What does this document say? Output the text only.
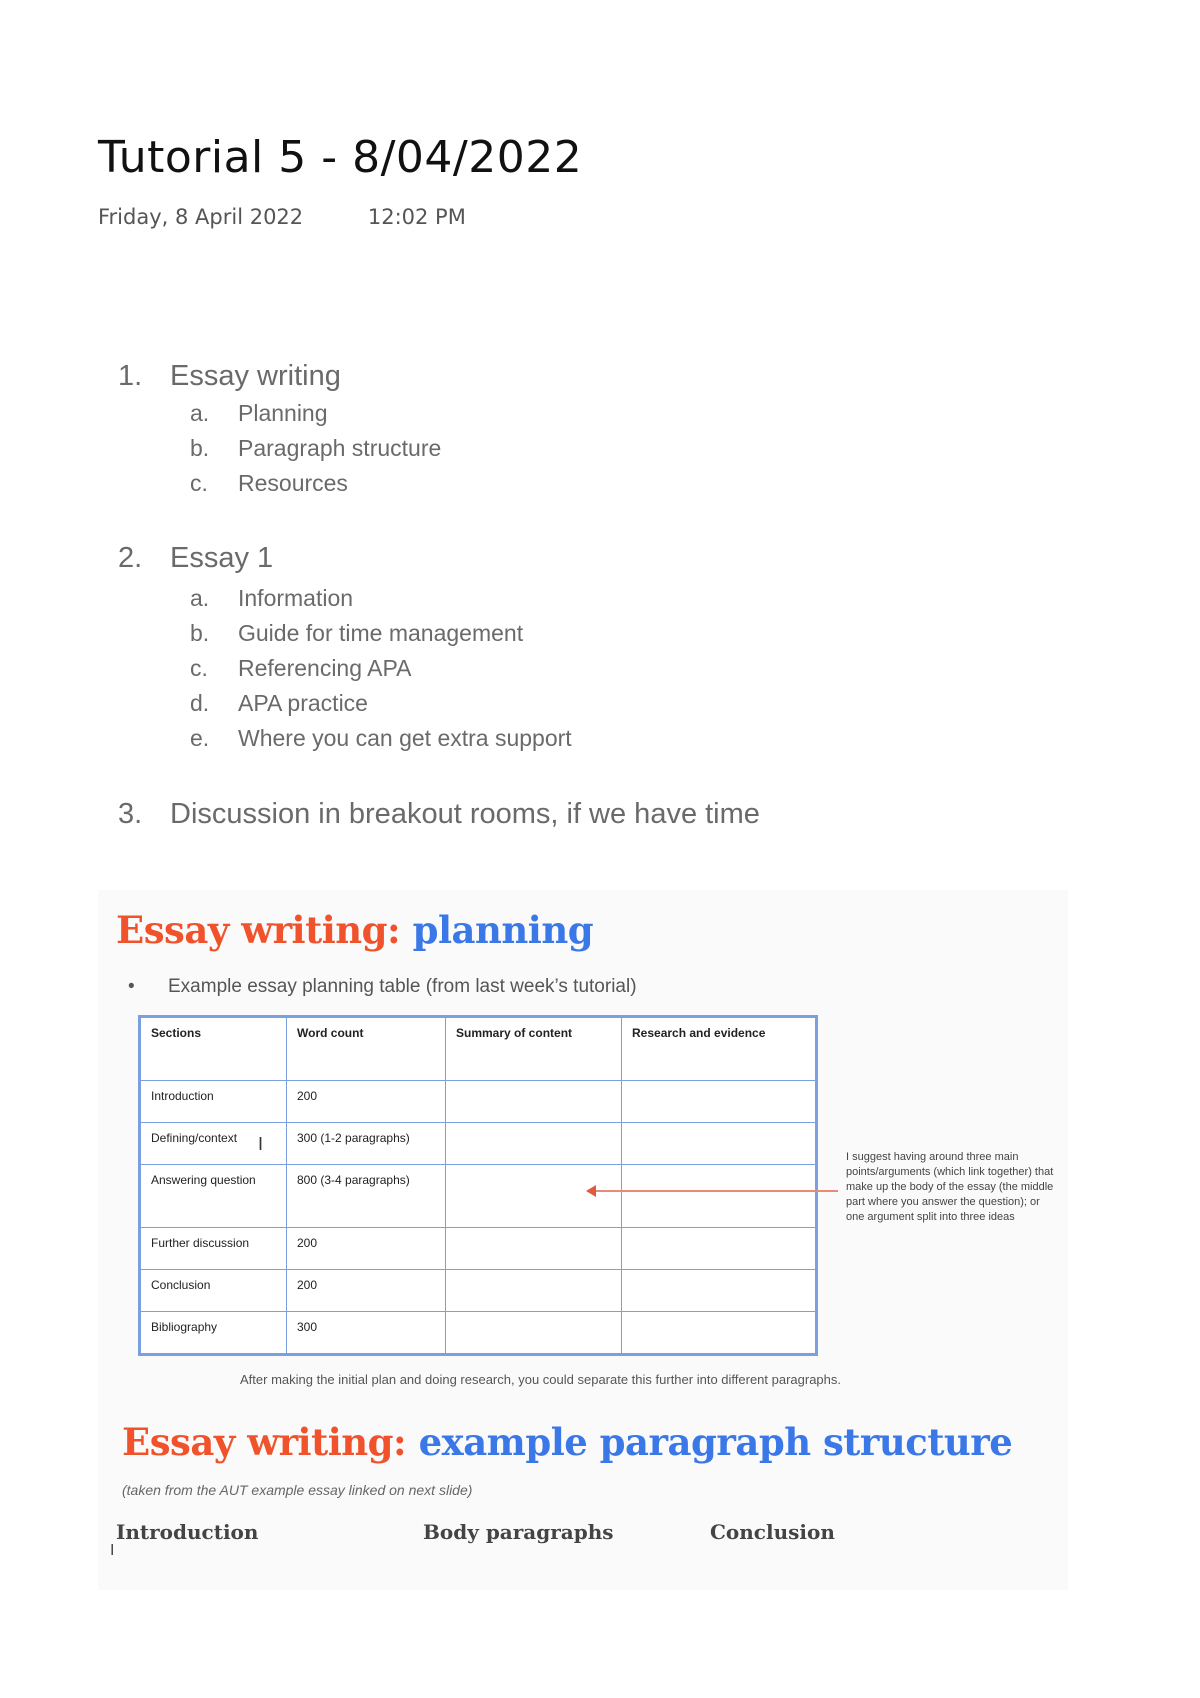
Tutorial 5 - 8/04/2022
Friday, 8 April 2022	12:02 PM
1. Essay writing
a. Planning
b. Paragraph structure
c. Resources
2. Essay 1
a. Information
b. Guide for time management
c. Referencing APA
d. APA practice
e. Where you can get extra support
3. Discussion in breakout rooms, if we have time
Essay writing: planning
• Example essay planning table (from last week’s tutorial)
Sections	Word count	Summary of content	Research and evidence
Introduction	200		
Defining/context	300 (1-2 paragraphs)		
Answering question	800 (3-4 paragraphs)		
Further discussion	200		
Conclusion	200		
Bibliography	300		
I
I suggest having around three main points/arguments (which link together) that make up the body of the essay (the middle part where you answer the question); or one argument split into three ideas
After making the initial plan and doing research, you could separate this further into different paragraphs.
Essay writing: example paragraph structure
(taken from the AUT example essay linked on next slide)
Introduction	Body paragraphs	Conclusion
I
